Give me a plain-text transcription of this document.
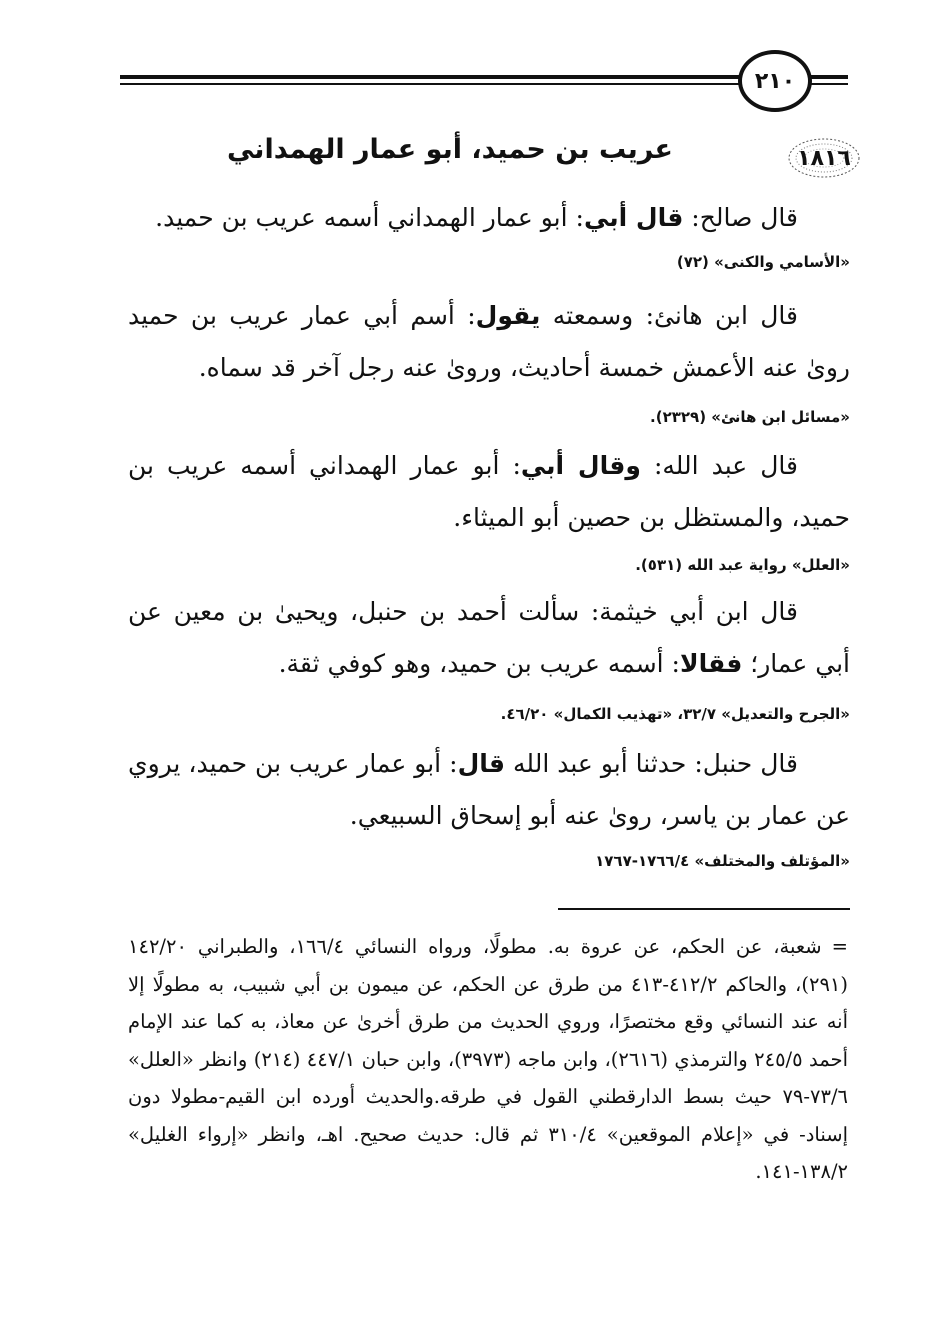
٢١٠
١٨١٦
عريب بن حميد، أبو عمار الهمداني
قال صالح: قال أبي: أبو عمار الهمداني أسمه عريب بن حميد.
«الأسامي والكنى» (٧٢)
قال ابن هانئ: وسمعته يقول: أسم أبي عمار عريب بن حميد روىٰ عنه الأعمش خمسة أحاديث، وروىٰ عنه رجل آخر قد سماه.
«مسائل ابن هانئ» (٢٣٢٩).
قال عبد الله: وقال أبي: أبو عمار الهمداني أسمه عريب بن حميد، والمستظل بن حصين أبو الميثاء.
«العلل» رواية عبد الله (٥٣١).
قال ابن أبي خيثمة: سألت أحمد بن حنبل، ويحيىٰ بن معين عن أبي عمار؛ فقالا: أسمه عريب بن حميد، وهو كوفي ثقة.
«الجرح والتعديل» ٣٢/٧، «تهذيب الكمال» ٤٦/٢٠.
قال حنبل: حدثنا أبو عبد الله قال: أبو عمار عريب بن حميد، يروي عن عمار بن ياسر، روىٰ عنه أبو إسحاق السبيعي.
«المؤتلف والمختلف» ١٧٦٦/٤-١٧٦٧
=شعبة، عن الحكم، عن عروة به. مطولًا، ورواه النسائي ١٦٦/٤، والطبراني ١٤٢/٢٠ (٢٩١)، والحاكم ٤١٢/٢-٤١٣ من طرق عن الحكم، عن ميمون بن أبي شبيب، به مطولًا إلا أنه عند النسائي وقع مختصرًا، وروي الحديث من طرق أخرىٰ عن معاذ، به كما عند الإمام أحمد ٢٤٥/٥ والترمذي (٢٦١٦)، وابن ماجه (٣٩٧٣)، وابن حبان ٤٤٧/١ (٢١٤) وانظر «العلل» ٧٣/٦-٧٩ حيث بسط الدارقطني القول في طرقه.والحديث أورده ابن القيم-مطولا دون إسناد- في «إعلام الموقعين» ٣١٠/٤ ثم قال: حديث صحيح. اهـ، وانظر «إرواء الغليل» ١٣٨/٢-١٤١.
